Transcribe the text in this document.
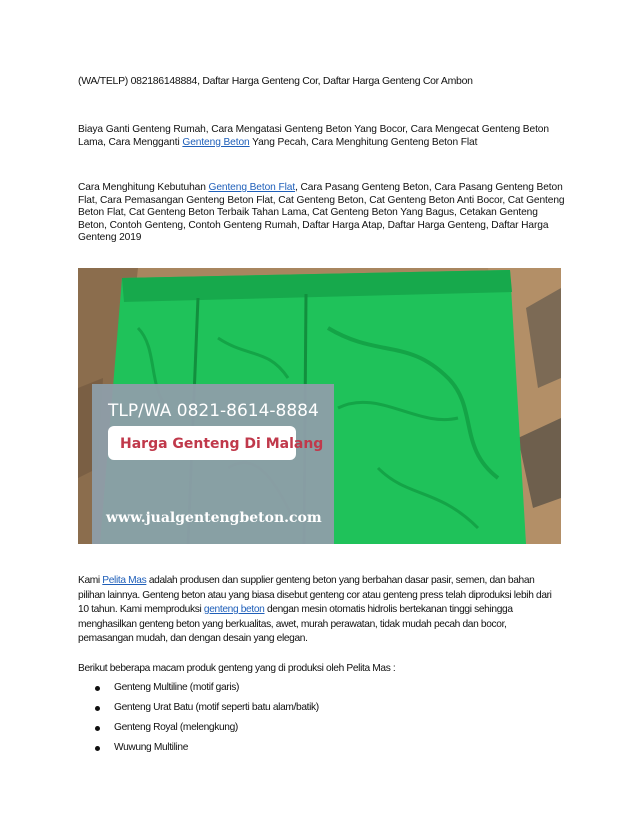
(WA/TELP) 082186148884, Daftar Harga Genteng Cor, Daftar Harga Genteng Cor Ambon
Biaya Ganti Genteng Rumah, Cara Mengatasi Genteng Beton Yang Bocor, Cara Mengecat Genteng Beton Lama, Cara Mengganti Genteng Beton Yang Pecah, Cara Menghitung Genteng Beton Flat
Cara Menghitung Kebutuhan Genteng Beton Flat, Cara Pasang Genteng Beton, Cara Pasang Genteng Beton Flat, Cara Pemasangan Genteng Beton Flat, Cat Genteng Beton, Cat Genteng Beton Anti Bocor, Cat Genteng Beton Flat, Cat Genteng Beton Terbaik Tahan Lama, Cat Genteng Beton Yang Bagus, Cetakan Genteng Beton, Contoh Genteng, Contoh Genteng Rumah, Daftar Harga Atap, Daftar Harga Genteng, Daftar Harga Genteng 2019
TLP/WA 0821-8614-8884
Harga Genteng Di Malang
www.jualgentengbeton.com
Kami Pelita Mas adalah produsen dan supplier genteng beton yang berbahan dasar pasir, semen, dan bahan pilihan lainnya. Genteng beton atau yang biasa disebut genteng cor atau genteng press telah diproduksi lebih dari 10 tahun. Kami memproduksi genteng beton dengan mesin otomatis hidrolis bertekanan tinggi sehingga menghasilkan genteng beton yang berkualitas, awet, murah perawatan, tidak mudah pecah dan bocor, pemasangan mudah, dan dengan desain yang elegan.
Berikut beberapa macam produk genteng yang di produksi oleh Pelita Mas :
Genteng Multiline (motif garis)
Genteng Urat Batu (motif seperti batu alam/batik)
Genteng Royal (melengkung)
Wuwung Multiline
